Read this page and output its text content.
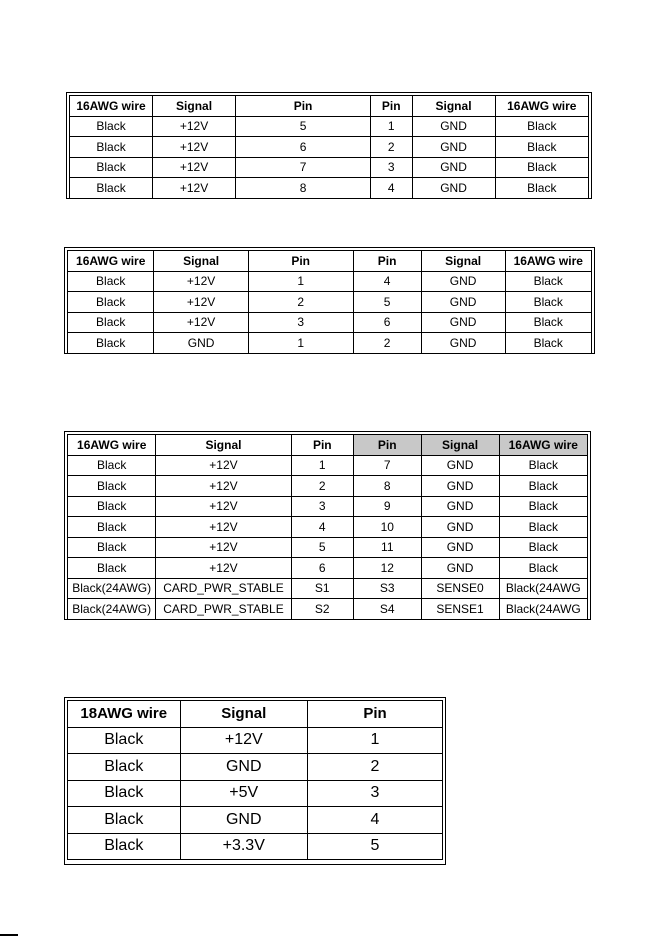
16AWG wire	Signal	Pin	Pin	Signal	16AWG wire
Black	+12V	5	1	GND	Black
Black	+12V	6	2	GND	Black
Black	+12V	7	3	GND	Black
Black	+12V	8	4	GND	Black
16AWG wire	Signal	Pin	Pin	Signal	16AWG wire
Black	+12V	1	4	GND	Black
Black	+12V	2	5	GND	Black
Black	+12V	3	6	GND	Black
Black	GND	1	2	GND	Black
16AWG wire	Signal	Pin	Pin	Signal	16AWG wire
Black	+12V	1	7	GND	Black
Black	+12V	2	8	GND	Black
Black	+12V	3	9	GND	Black
Black	+12V	4	10	GND	Black
Black	+12V	5	11	GND	Black
Black	+12V	6	12	GND	Black
Black(24AWG)	CARD_PWR_STABLE	S1	S3	SENSE0	Black(24AWG
Black(24AWG)	CARD_PWR_STABLE	S2	S4	SENSE1	Black(24AWG
18AWG wire	Signal	Pin
Black	+12V	1
Black	GND	2
Black	+5V	3
Black	GND	4
Black	+3.3V	5
